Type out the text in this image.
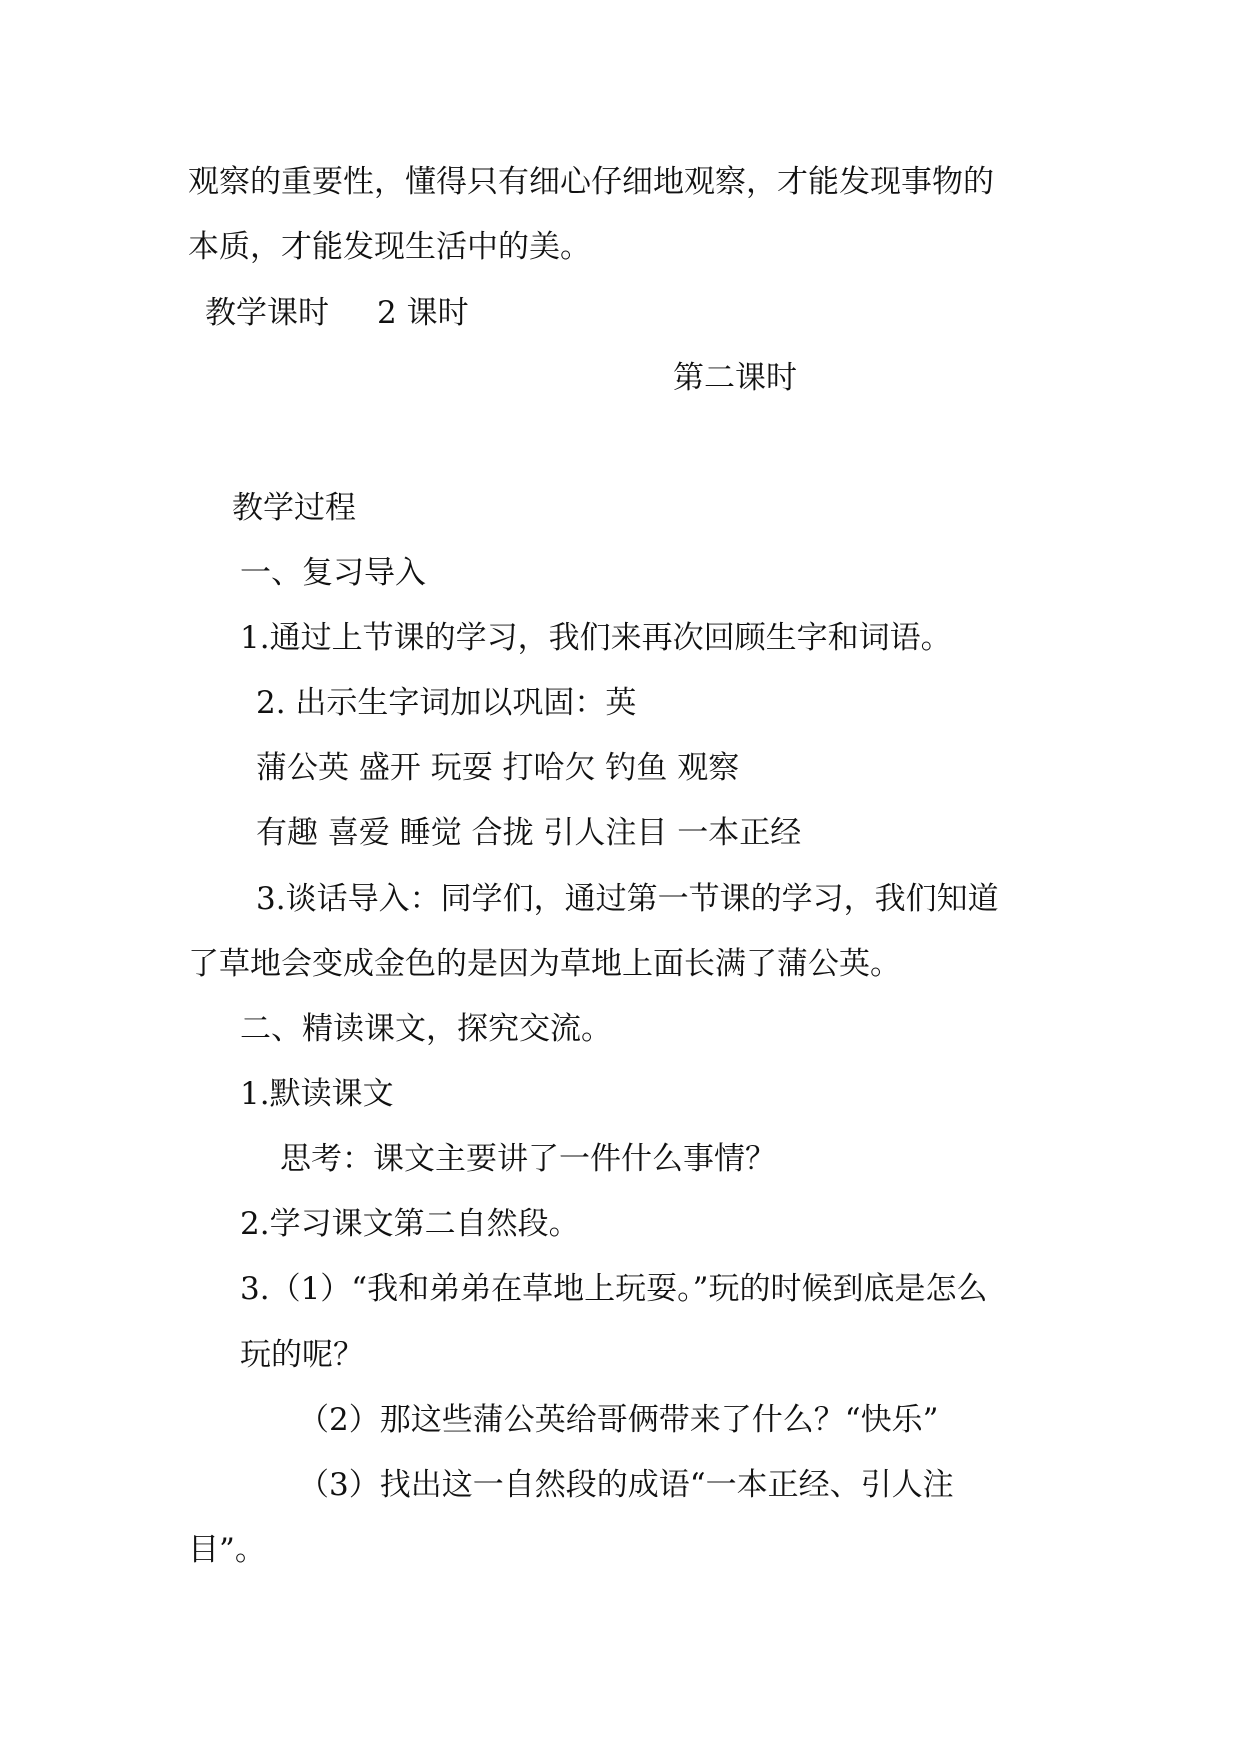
观察的重要性，懂得只有细心仔细地观察，才能发现事物的

本质，才能发现生活中的美。

教学课时 2 课时

第二课时

教学过程

一、复习导入

1.通过上节课的学习，我们来再次回顾生字和词语。

2. 出示生字词加以巩固：英

蒲公英 盛开 玩耍 打哈欠 钓鱼 观察

有趣 喜爱 睡觉 合拢 引人注目 一本正经

3.谈话导入：同学们，通过第一节课的学习，我们知道

了草地会变成金色的是因为草地上面长满了蒲公英。

二、精读课文，探究交流。

1.默读课文

思考：课文主要讲了一件什么事情？

2.学习课文第二自然段。

3.（1）“我和弟弟在草地上玩耍。”玩的时候到底是怎么

玩的呢？

（2）那这些蒲公英给哥俩带来了什么？“快乐”

（3）找出这一自然段的成语“一本正经、引人注

目”。
